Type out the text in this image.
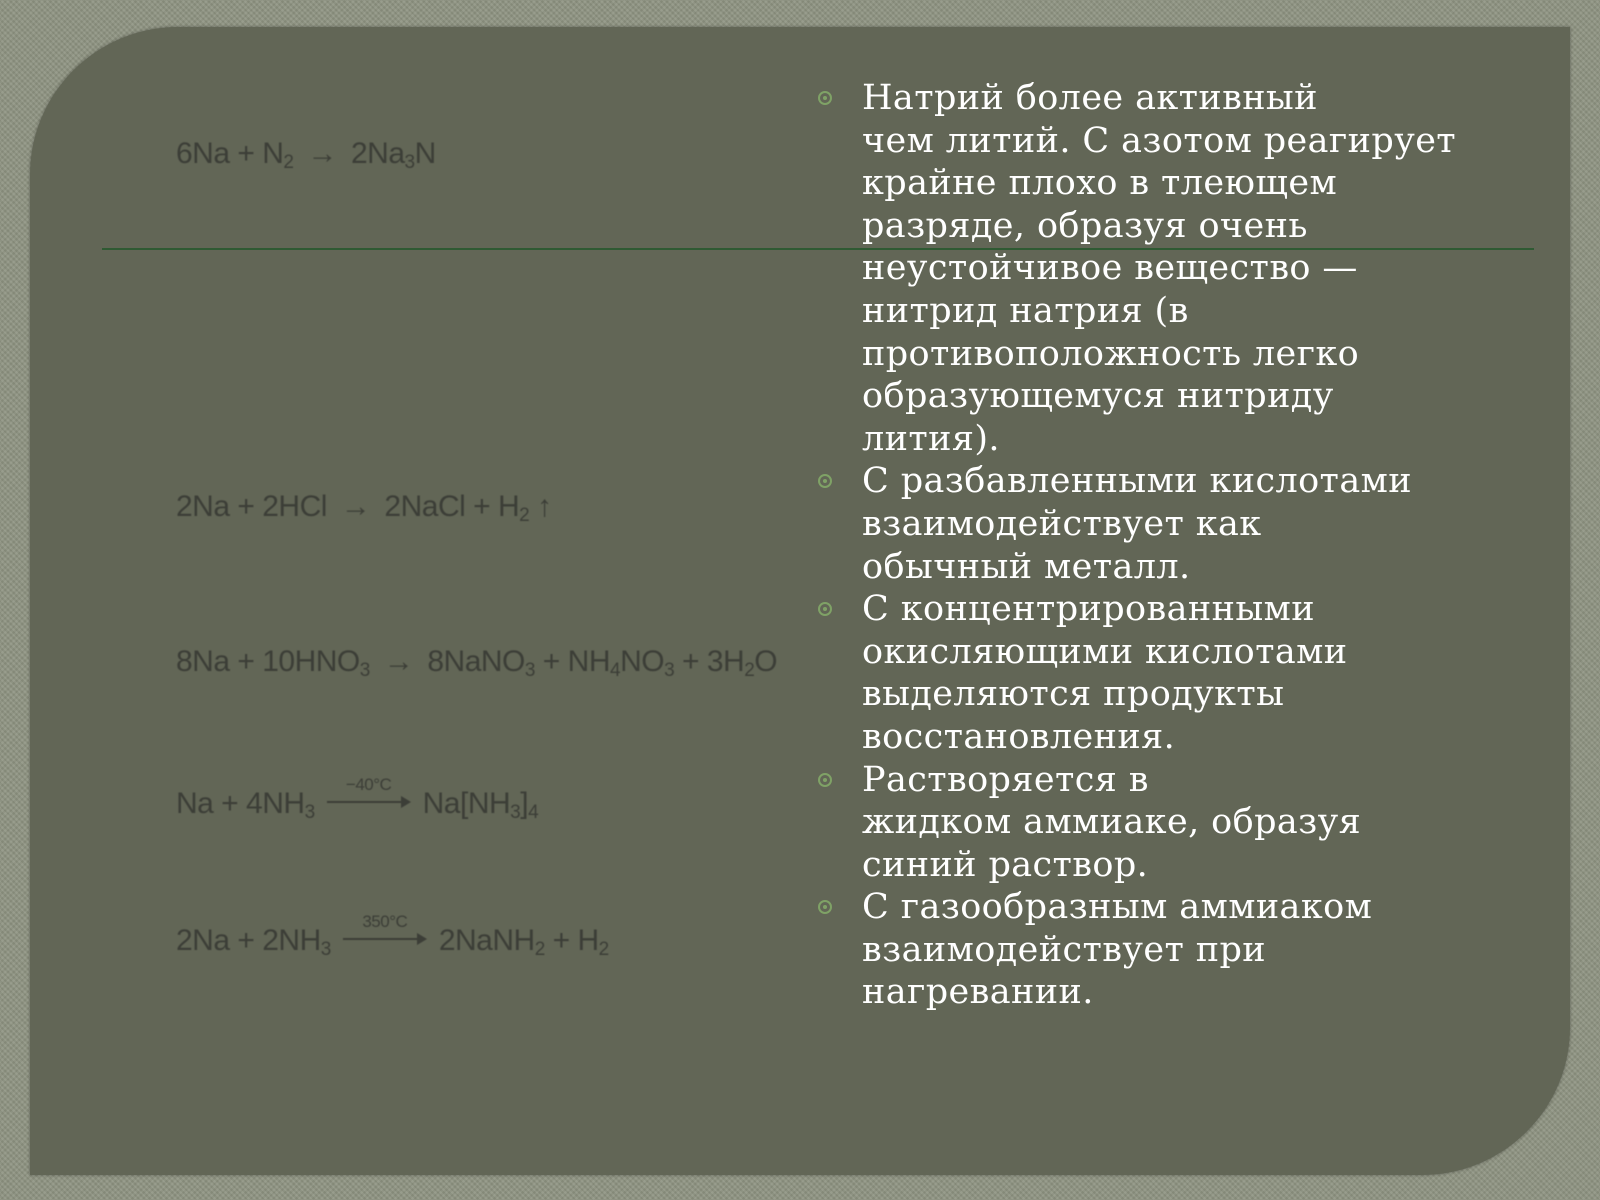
$6Na + N_2 \to 2Na_3N$
2Na + 2HCl → 2NaCl + $H_2$ ↑
$8Na + 10HNO_3$ → 8NaNO$_3$ + $NH_4NO_3 + 3H_2O$
$Na + 4NH_3$
−40°C
$Na[NH_3]_4$
$2Na + 2NH_3$
350°C
2NaNH$_2$ + $H_2$
Натрий более активный
чем литий. С азотом реагирует
крайне плохо в тлеющем
разряде, образуя очень
неустойчивое вещество —
нитрид натрия (в
противоположность легко
образующемуся нитриду
лития).
С разбавленными кислотами
взаимодействует как
обычный металл.
С концентрированными
окисляющими кислотами
выделяются продукты
восстановления.
Растворяется в
жидком аммиаке, образуя
синий раствор.
С газообразным аммиаком
взаимодействует при
нагревании.
